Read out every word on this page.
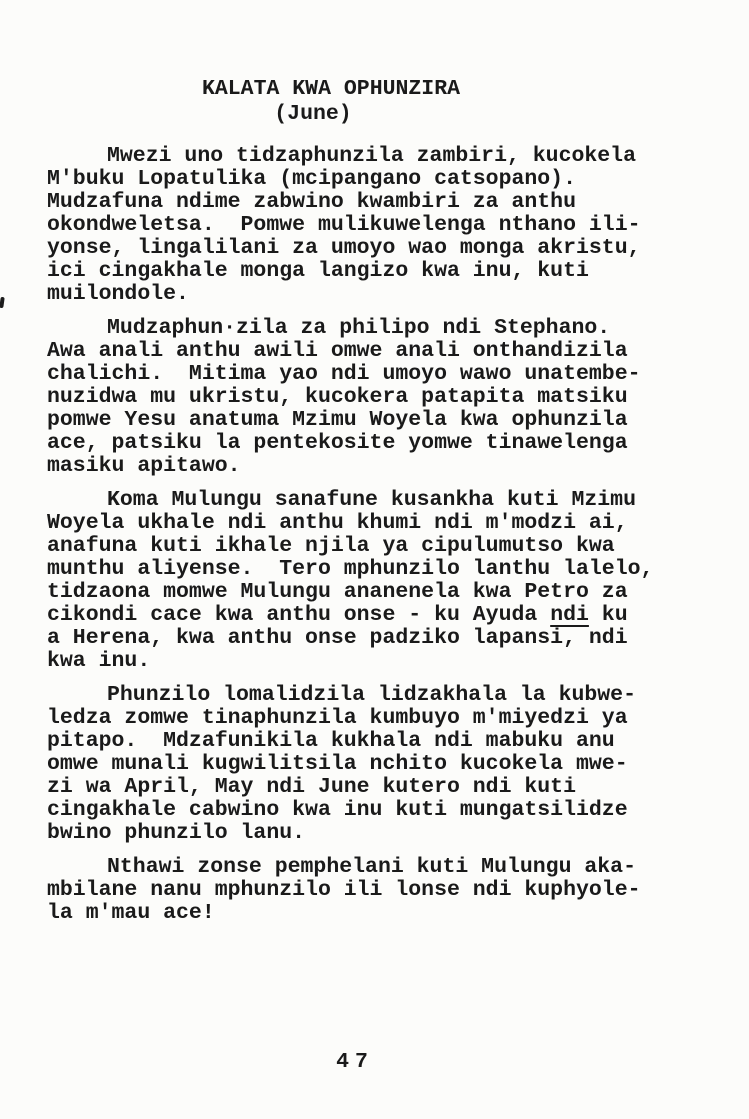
KALATA KWA OPHUNZIRA
(June)
Mwezi uno tidzaphunzila zambiri, kucokela
M'buku Lopatulika (mcipangano catsopano).
Mudzafuna ndime zabwino kwambiri za anthu
okondweletsa.  Pomwe mulikuwelenga nthano ili-
yonse, lingalilani za umoyo wao monga akristu,
ici cingakhale monga langizo kwa inu, kuti
muilondole.
Mudzaphun·zila za philipo ndi Stephano.
Awa anali anthu awili omwe anali onthandizila
chalichi.  Mitima yao ndi umoyo wawo unatembe-
nuzidwa mu ukristu, kucokera patapita matsiku
pomwe Yesu anatuma Mzimu Woyela kwa ophunzila
ace, patsiku la pentekosite yomwe tinawelenga
masiku apitawo.
Koma Mulungu sanafune kusankha kuti Mzimu
Woyela ukhale ndi anthu khumi ndi m'modzi ai,
anafuna kuti ikhale njila ya cipulumutso kwa
munthu aliyense.  Tero mphunzilo lanthu lalelo,
tidzaona momwe Mulungu ananenela kwa Petro za
cikondi cace kwa anthu onse - ku Ayuda ndi ku
a Herena, kwa anthu onse padziko lapansi, ndi
kwa inu.
Phunzilo lomalidzila lidzakhala la kubwe-
ledza zomwe tinaphunzila kumbuyo m'miyedzi ya
pitapo.  Mdzafunikila kukhala ndi mabuku anu
omwe munali kugwilitsila nchito kucokela mwe-
zi wa April, May ndi June kutero ndi kuti
cingakhale cabwino kwa inu kuti mungatsilidze
bwino phunzilo lanu.
Nthawi zonse pemphelani kuti Mulungu aka-
mbilane nanu mphunzilo ili lonse ndi kuphyole-
la m'mau ace!
47
